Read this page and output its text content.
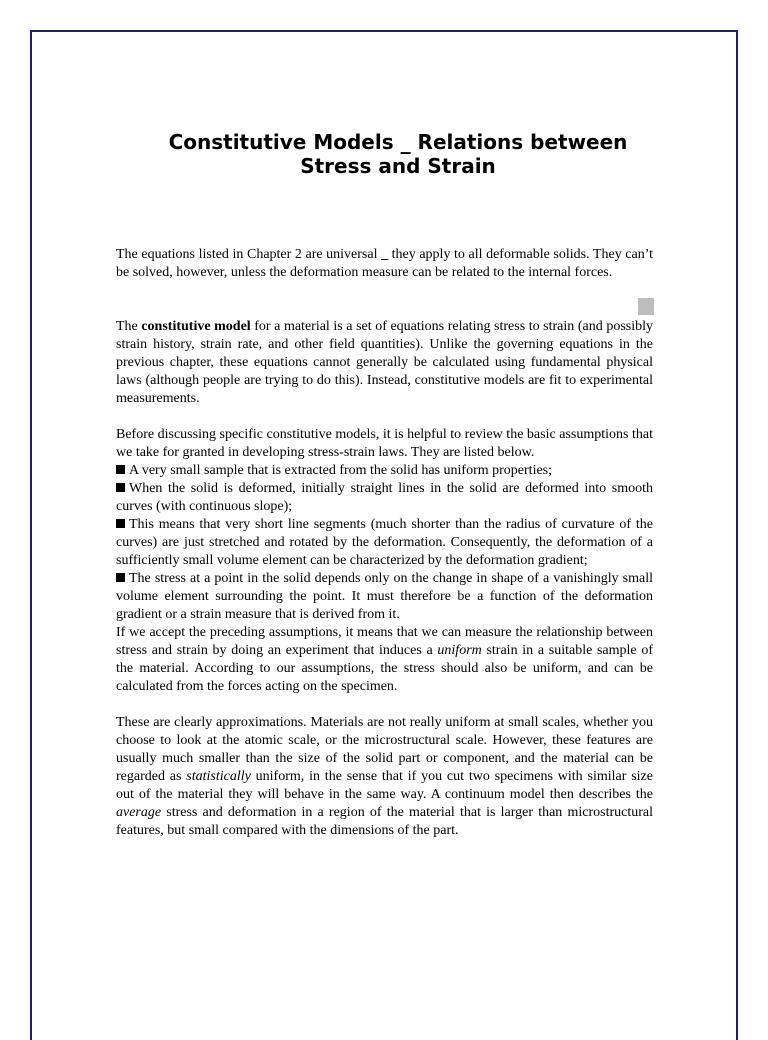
Constitutive Models _ Relations between
Stress and Strain

The equations listed in Chapter 2 are universal _ they apply to all deformable solids. They can’t be solved, however, unless the deformation measure can be related to the internal forces.

The constitutive model for a material is a set of equations relating stress to strain (and possibly strain history, strain rate, and other field quantities). Unlike the governing equations in the previous chapter, these equations cannot generally be calculated using fundamental physical laws (although people are trying to do this). Instead, constitutive models are fit to experimental measurements.

Before discussing specific constitutive models, it is helpful to review the basic assumptions that we take for granted in developing stress-strain laws. They are listed below.

A very small sample that is extracted from the solid has uniform properties;

When the solid is deformed, initially straight lines in the solid are deformed into smooth curves (with continuous slope);

This means that very short line segments (much shorter than the radius of curvature of the curves) are just stretched and rotated by the deformation. Consequently, the deformation of a sufficiently small volume element can be characterized by the deformation gradient;

The stress at a point in the solid depends only on the change in shape of a vanishingly small volume element surrounding the point. It must therefore be a function of the deformation gradient or a strain measure that is derived from it.

If we accept the preceding assumptions, it means that we can measure the relationship between stress and strain by doing an experiment that induces a uniform strain in a suitable sample of the material. According to our assumptions, the stress should also be uniform, and can be calculated from the forces acting on the specimen.

These are clearly approximations. Materials are not really uniform at small scales, whether you choose to look at the atomic scale, or the microstructural scale. However, these features are usually much smaller than the size of the solid part or component, and the material can be regarded as statistically uniform, in the sense that if you cut two specimens with similar size out of the material they will behave in the same way. A continuum model then describes the average stress and deformation in a region of the material that is larger than microstructural features, but small compared with the dimensions of the part.
